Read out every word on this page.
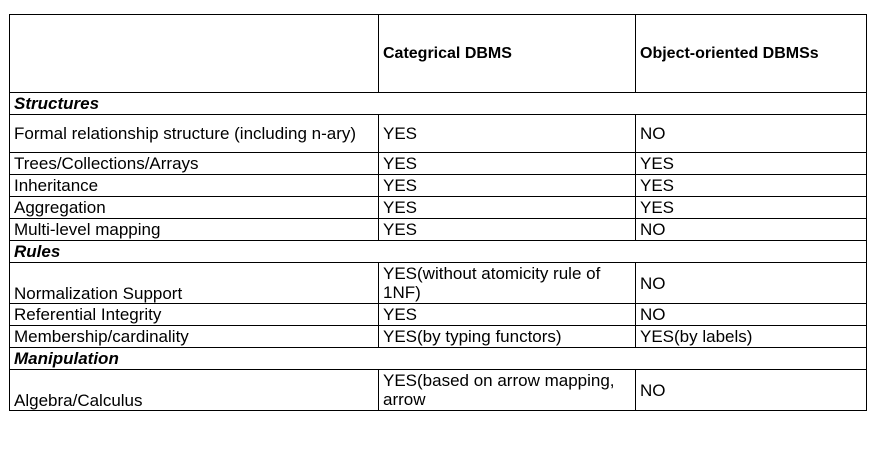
	Categrical DBMS	Object-oriented DBMSs
Structures		
Formal relationship structure (including n-ary)	YES	NO
Trees/Collections/Arrays	YES	YES
Inheritance	YES	YES
Aggregation	YES	YES
Multi-level mapping	YES	NO
Rules		
Normalization Support	YES(without atomicity rule of 1NF)	NO
Referential Integrity	YES	NO
Membership/cardinality	YES(by typing functors)	YES(by labels)
Manipulation		
Algebra/Calculus	YES(based on arrow mapping, arrow	NO
